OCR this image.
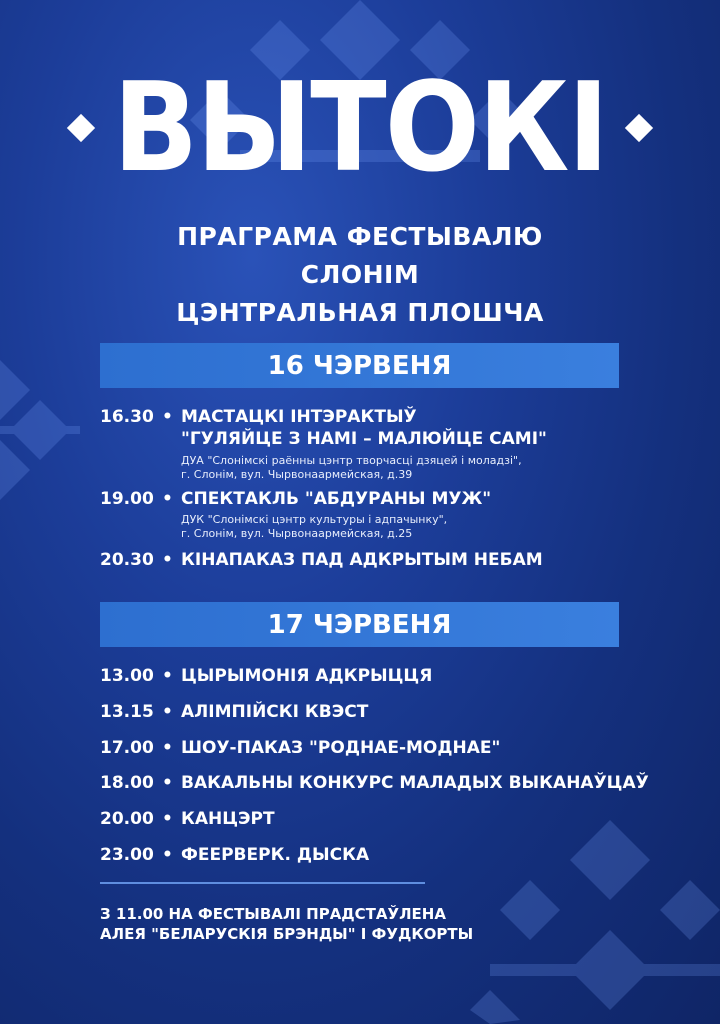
ВЫТОКI
ПРАГРАМА ФЕСТЫВАЛЮ
СЛОНІМ
ЦЭНТРАЛЬНАЯ ПЛОШЧА
16 ЧЭРВЕНЯ
16.30 • МАСТАЦКI ІНТЭРАКТЫЎ
"ГУЛЯЙЦЕ З НАМІ – МАЛЮЙЦЕ САМІ"
ДУА "Слонімскі раённы цэнтр творчасці дзяцей і моладзі",
г. Слонім, вул. Чырвонаармейская, д.39
19.00 • СПЕКТАКЛЬ "АБДУРАНЫ МУЖ"
ДУК "Слонімскі цэнтр культуры і адпачынку",
г. Слонім, вул. Чырвонаармейская, д.25
20.30 • КІНАПАКАЗ ПАД АДКРЫТЫМ НЕБАМ
17 ЧЭРВЕНЯ
13.00 • ЦЫРЫМОНІЯ АДКРЫЦЦЯ
13.15 • АЛІМПІЙСКІ КВЭСТ
17.00 • ШОУ-ПАКАЗ "РОДНАЕ-МОДНАЕ"
18.00 • ВАКАЛЬНЫ КОНКУРС МАЛАДЫХ ВЫКАНАЎЦАЎ
20.00 • КАНЦЭРТ
23.00 • ФЕЕРВЕРК. ДЫСКА
З 11.00 НА ФЕСТЫВАЛІ ПРАДСТАЎЛЕНА
АЛЕЯ "БЕЛАРУСКІЯ БРЭНДЫ" І ФУДКОРТЫ
